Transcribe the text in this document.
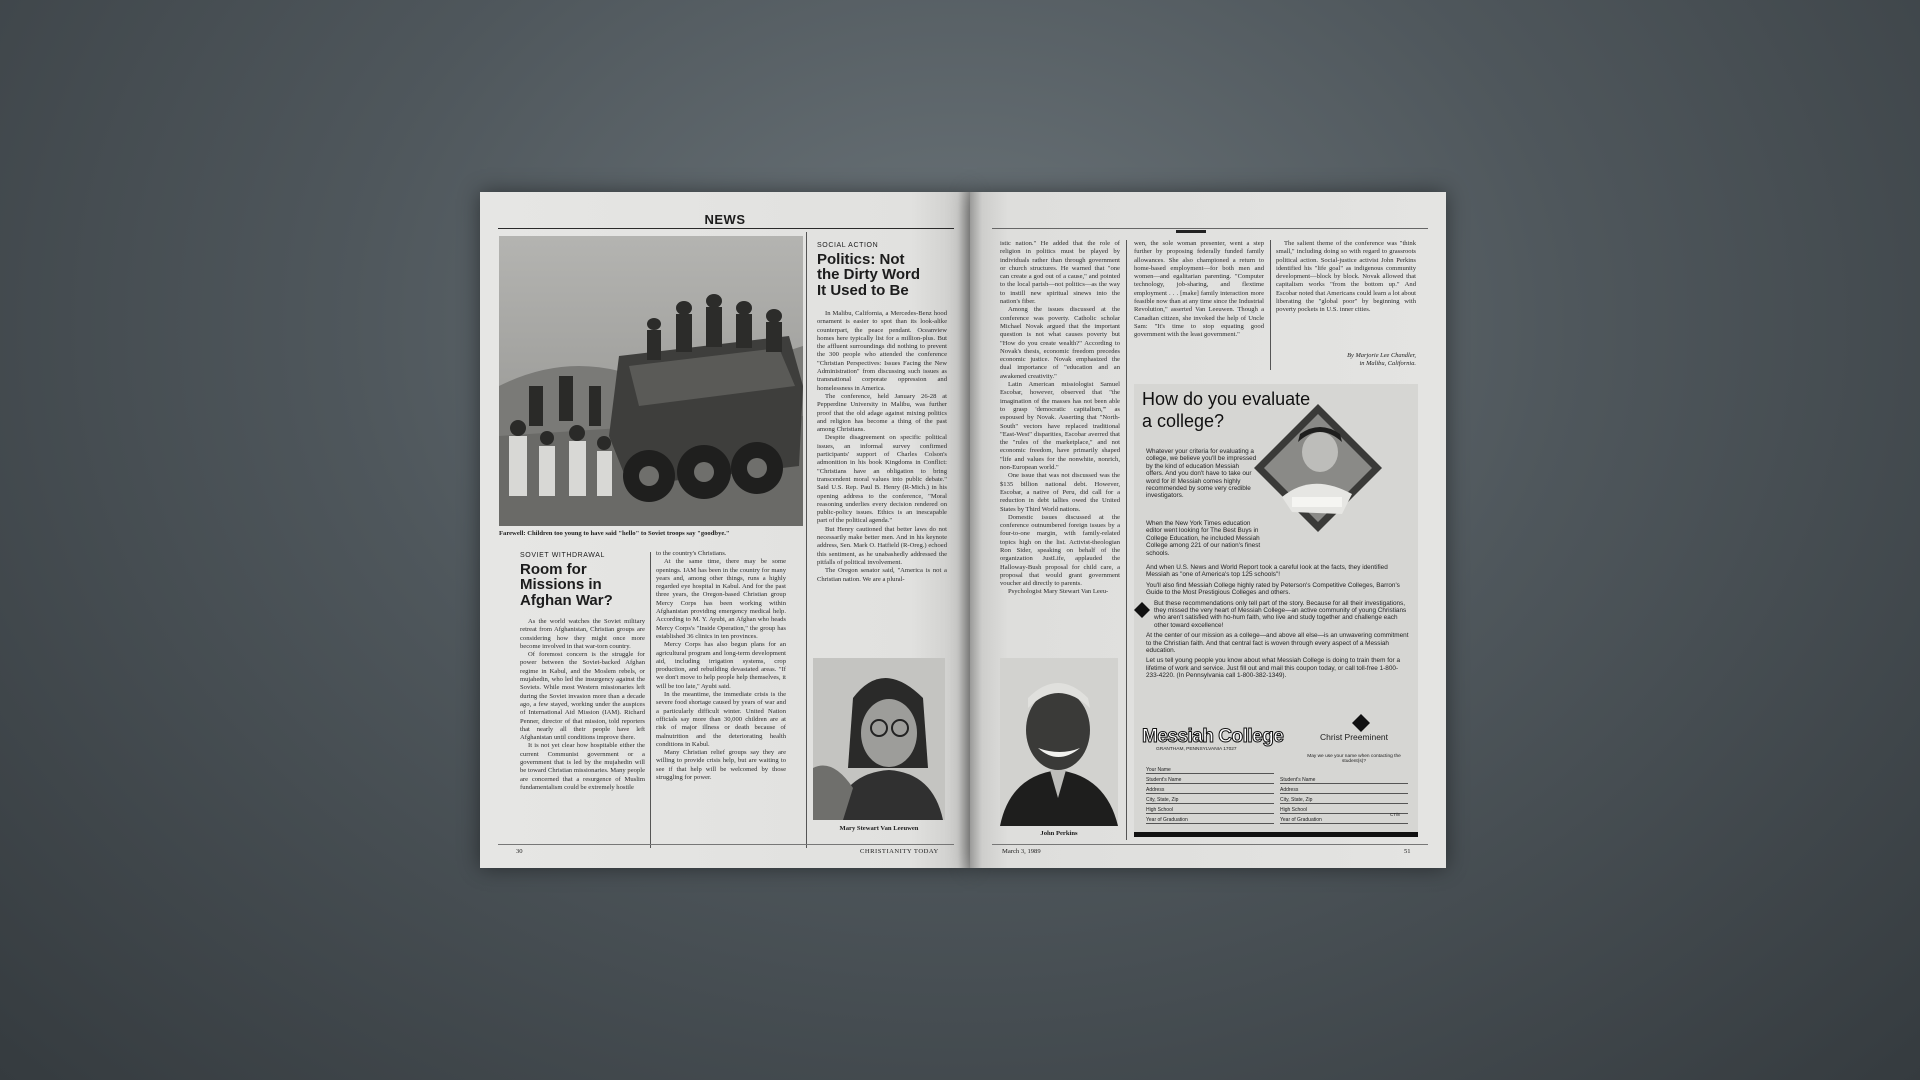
NEWS
Farewell: Children too young to have said "hello" to Soviet troops say "goodbye."
SOVIET WITHDRAWAL
Room for
Missions in
Afghan War?

As the world watches the Soviet military retreat from Afghanistan, Christian groups are considering how they might once more become involved in that war-torn country.

Of foremost concern is the struggle for power between the Soviet-backed Afghan regime in Kabul, and the Moslem rebels, or mujahedin, who led the insurgency against the Soviets. While most Western missionaries left during the Soviet invasion more than a decade ago, a few stayed, working under the auspices of International Aid Mission (IAM). Richard Penner, director of that mission, told reporters that nearly all their people have left Afghanistan until conditions improve there.

It is not yet clear how hospitable either the current Communist government or a government that is led by the mujahedin will be toward Christian missionaries. Many people are concerned that a resurgence of Muslim fundamentalism could be extremely hostile

to the country's Christians.

At the same time, there may be some openings. IAM has been in the country for many years and, among other things, runs a highly regarded eye hospital in Kabul. And for the past three years, the Oregon-based Christian group Mercy Corps has been working within Afghanistan providing emergency medical help. According to M. Y. Ayubi, an Afghan who heads Mercy Corps's "Inside Operation," the group has established 36 clinics in ten provinces.

Mercy Corps has also begun plans for an agricultural program and long-term development aid, including irrigation systems, crop production, and rebuilding devastated areas. "If we don't move to help people help themselves, it will be too late," Ayubi said.

In the meantime, the immediate crisis is the severe food shortage caused by years of war and a particularly difficult winter. United Nation officials say more than 30,000 children are at risk of major illness or death because of malnutrition and the deteriorating health conditions in Kabul.

Many Christian relief groups say they are willing to provide crisis help, but are waiting to see if that help will be welcomed by those struggling for power.

SOCIAL ACTION
Politics: Not
the Dirty Word
It Used to Be

In Malibu, California, a Mercedes-Benz hood ornament is easier to spot than its look-alike counterpart, the peace pendant. Oceanview homes here typically list for a million-plus. But the affluent surroundings did nothing to prevent the 300 people who attended the conference "Christian Perspectives: Issues Facing the New Administration" from discussing such issues as transnational corporate oppression and homelessness in America.

The conference, held January 26-28 at Pepperdine University in Malibu, was further proof that the old adage against mixing politics and religion has become a thing of the past among Christians.

Despite disagreement on specific political issues, an informal survey confirmed participants' support of Charles Colson's admonition in his book Kingdoms in Conflict: "Christians have an obligation to bring transcendent moral values into public debate." Said U.S. Rep. Paul B. Henry (R-Mich.) in his opening address to the conference, "Moral reasoning underlies every decision rendered on public-policy issues. Ethics is an inescapable part of the political agenda."

But Henry cautioned that better laws do not necessarily make better men. And in his keynote address, Sen. Mark O. Hatfield (R-Oreg.) echoed this sentiment, as he unabashedly addressed the pitfalls of political involvement.

The Oregon senator said, "America is not a Christian nation. We are a plural-

Mary Stewart Van Leeuwen
30	CHRISTIANITY TODAY

istic nation." He added that the role of religion in politics must be played by individuals rather than through government or church structures. He warned that "one can create a god out of a cause," and pointed to the local parish—not politics—as the way to instill new spiritual sinews into the nation's fiber.

Among the issues discussed at the conference was poverty. Catholic scholar Michael Novak argued that the important question is not what causes poverty but "How do you create wealth?" According to Novak's thesis, economic freedom precedes economic justice. Novak emphasized the dual importance of "education and an awakened creativity."

Latin American missiologist Samuel Escobar, however, observed that "the imagination of the masses has not been able to grasp 'democratic capitalism,'" as espoused by Novak. Asserting that "North-South" vectors have replaced traditional "East-West" disparities, Escobar averred that the "rules of the marketplace," and not economic freedom, have primarily shaped "life and values for the nonwhite, nonrich, non-European world."

One issue that was not discussed was the $135 billion national debt. However, Escobar, a native of Peru, did call for a reduction in debt tallies owed the United States by Third World nations.

Domestic issues discussed at the conference outnumbered foreign issues by a four-to-one margin, with family-related topics high on the list. Activist-theologian Ron Sider, speaking on behalf of the organization JustLife, applauded the Halloway-Bush proposal for child care, a proposal that would grant government voucher aid directly to parents.

Psychologist Mary Stewart Van Leeu-

John Perkins

wen, the sole woman presenter, went a step further by proposing federally funded family allowances. She also championed a return to home-based employment—for both men and women—and egalitarian parenting. "Computer technology, job-sharing, and flextime employment . . . [make] family interaction more feasible now than at any time since the Industrial Revolution," asserted Van Leeuwen. Though a Canadian citizen, she invoked the help of Uncle Sam: "It's time to stop equating good government with the least government."

The salient theme of the conference was "think small," including doing so with regard to grassroots political action. Social-justice activist John Perkins identified his "life goal" as indigenous community development—block by block. Novak allowed that capitalism works "from the bottom up." And Escobar noted that Americans could learn a lot about liberating the "global poor" by beginning with poverty pockets in U.S. inner cities.

By Marjorie Lee Chandler,
in Malibu, California.
How do you evaluate
a college?

Whatever your criteria for evaluating a college, we believe you'll be impressed by the kind of education Messiah offers. And you don't have to take our word for it! Messiah comes highly recommended by some very credible investigators.

When the New York Times education editor went looking for The Best Buys in College Education, he included Messiah College among 221 of our nation's finest schools.

And when U.S. News and World Report took a careful look at the facts, they identified Messiah as "one of America's top 125 schools"!

You'll also find Messiah College highly rated by Peterson's Competitive Colleges, Barron's Guide to the Most Prestigious Colleges and others.

But these recommendations only tell part of the story. Because for all their investigations, they missed the very heart of Messiah College—an active community of young Christians who aren't satisfied with ho-hum faith, who live and study together and challenge each other toward excellence!

At the center of our mission as a college—and above all else—is an unwavering commitment to the Christian faith. And that central fact is woven through every aspect of a Messiah education.

Let us tell young people you know about what Messiah College is doing to train them for a lifetime of work and service. Just fill out and mail this coupon today, or call toll-free 1-800-233-4220. (In Pennsylvania call 1-800-382-1349).

Messiah College
GRANTHAM, PENNSYLVANIA 17027
Christ Preeminent
May we use your name when contacting the student(s)?
Your Name
Student's Name
Address
City, State, Zip
High School
Year of Graduation
Student's Name
Address
City, State, Zip
High School
Year of Graduation
CT/8
March 3, 1989	51
